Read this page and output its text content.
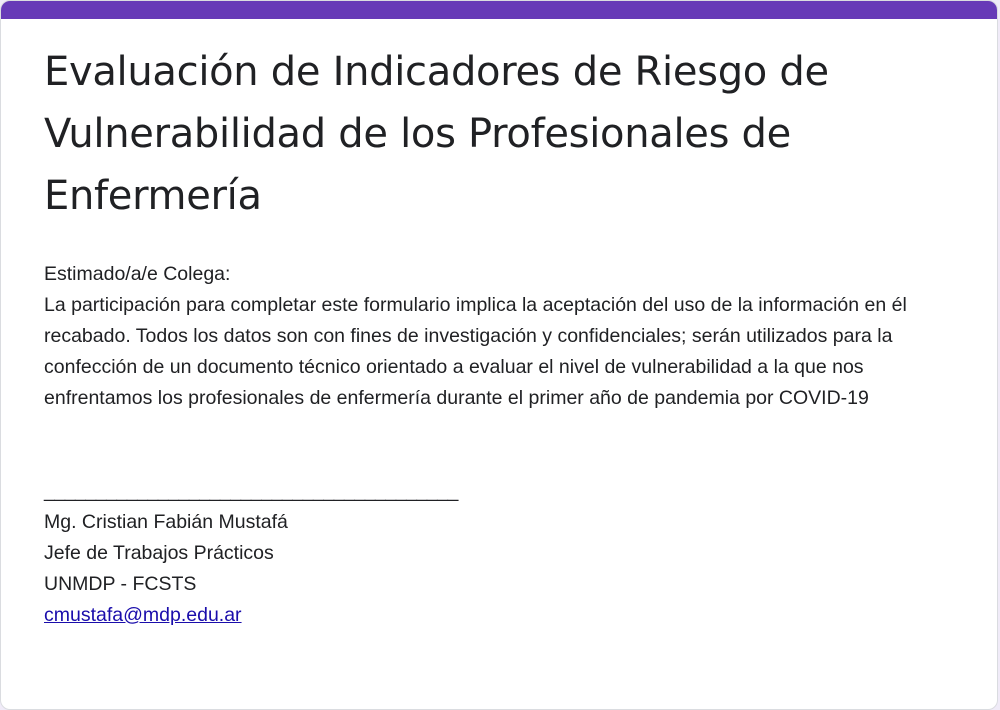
Evaluación de Indicadores de Riesgo de Vulnerabilidad de los Profesionales de Enfermería

Estimado/a/e Colega:

La participación para completar este formulario implica la aceptación del uso de la información en él recabado. Todos los datos son con fines de investigación y confidenciales; serán utilizados para la confección de un documento técnico orientado a evaluar el nivel de vulnerabilidad a la que nos enfrentamos los profesionales de enfermería durante el primer año de pandemia por COVID-19

________________________________________

Mg. Cristian Fabián Mustafá

Jefe de Trabajos Prácticos

UNMDP - FCSTS

cmustafa@mdp.edu.ar
